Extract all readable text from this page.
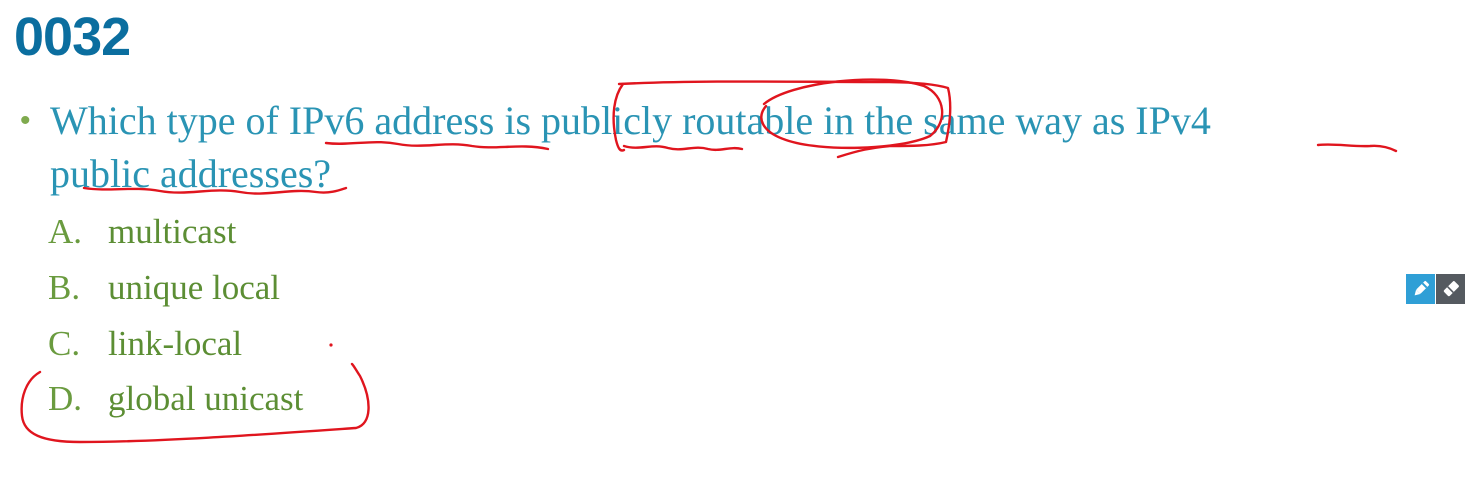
0032
• Which type of IPv6 address is publicly routable in the same way as IPv4
public addresses?
A. multicast
B. unique local
C. link-local
D. global unicast
